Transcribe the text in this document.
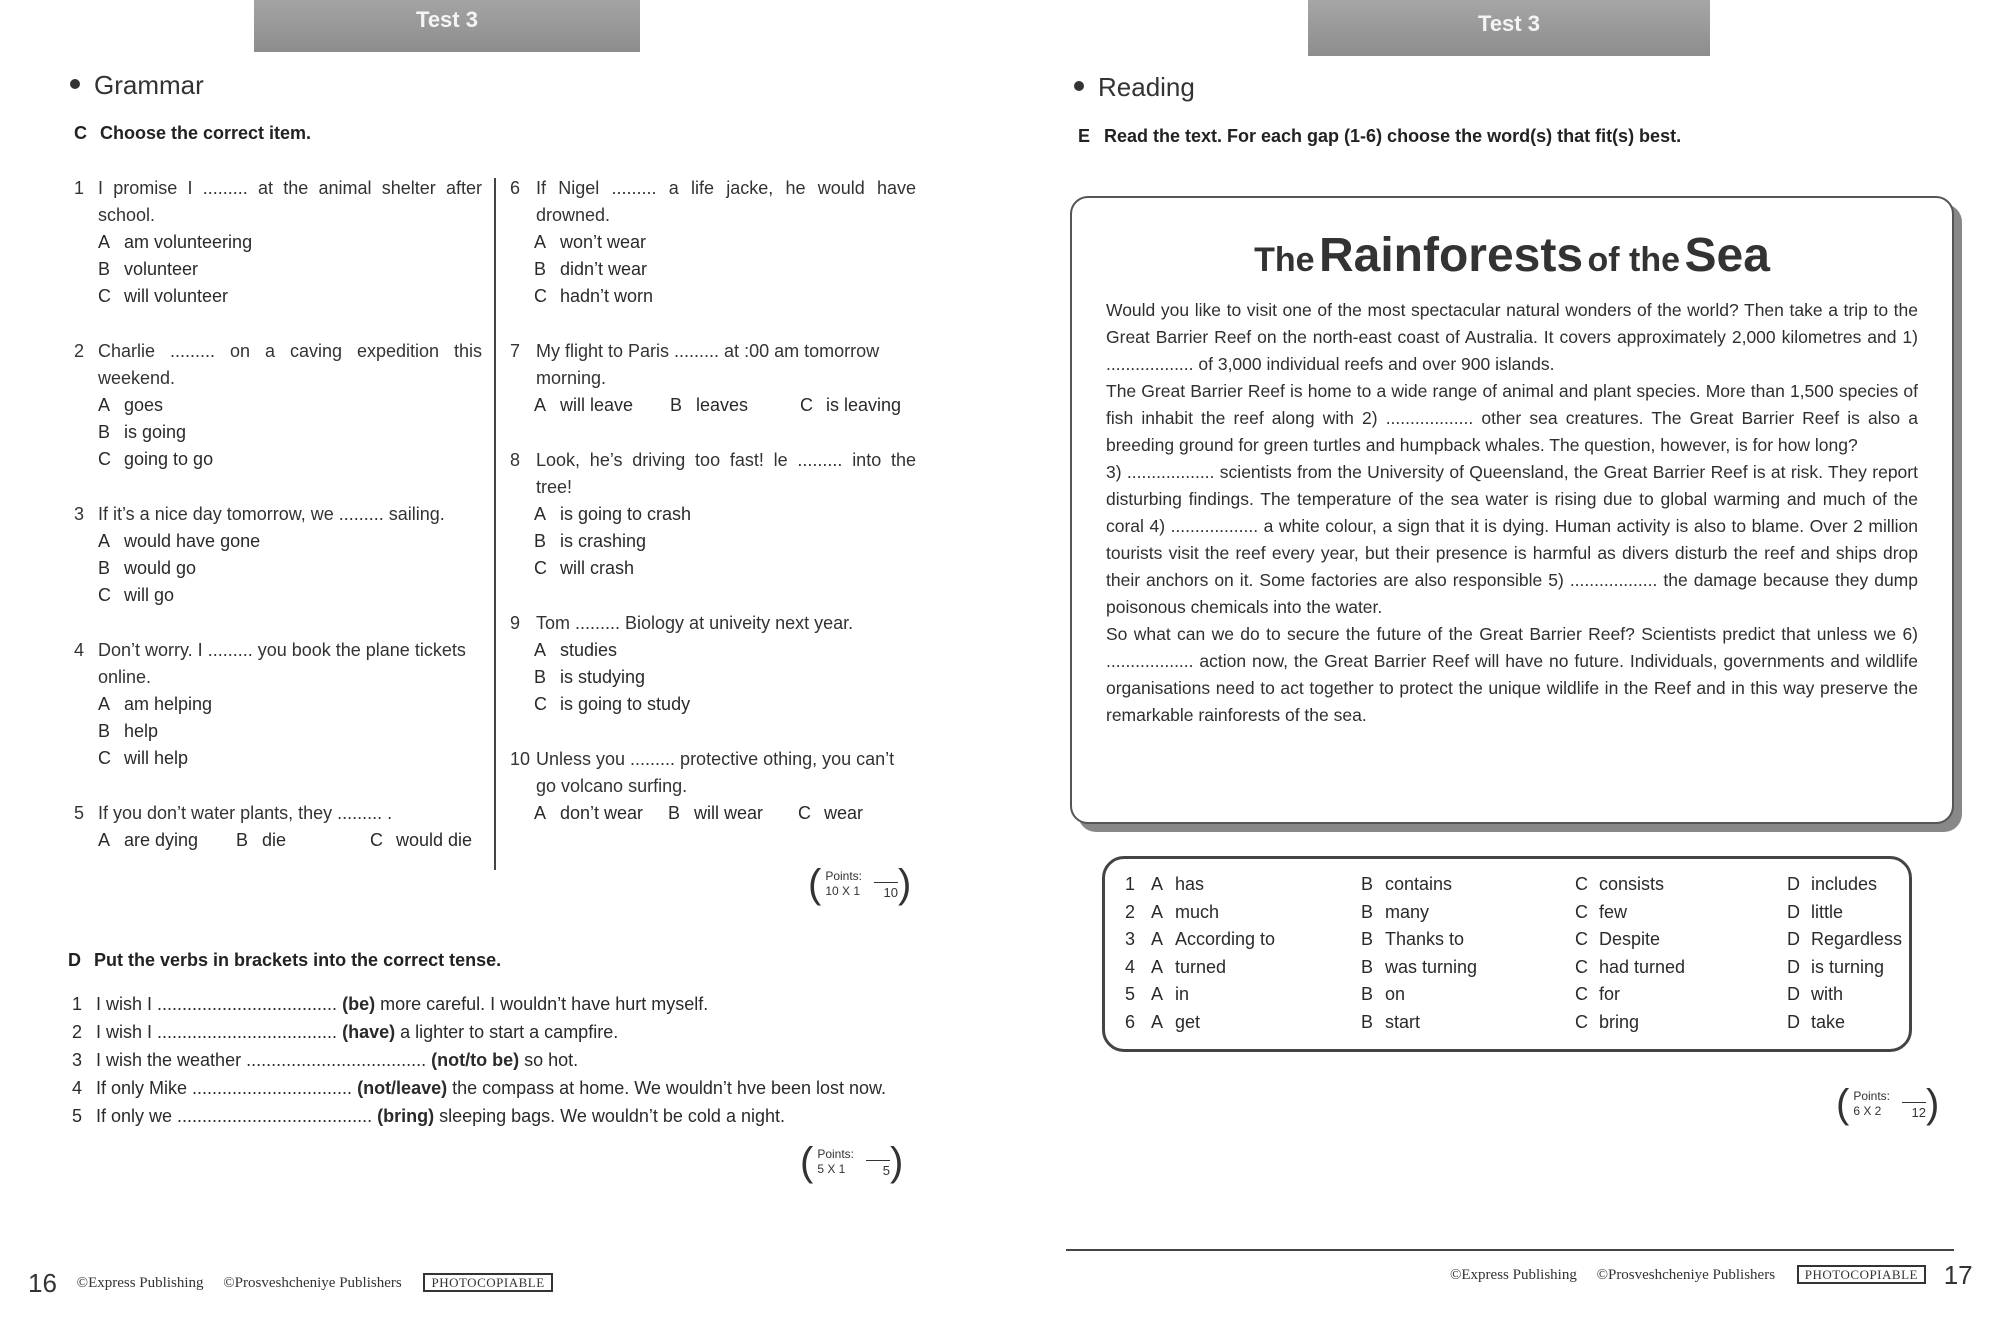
Test 3
Grammar
C Choose the correct item.
1 I promise I ......... at the animal shelter after school.
A am volunteering
B volunteer
C will volunteer
2 Charlie ......... on a caving expedition this weekend.
A goes
B is going
C going to go
3 If it’s a nice day tomorrow, we ......... sailing.
A would have gone
B would go
C will go
4 Don’t worry. I ......... you book the plane tickets online.
A am helping
B help
C will help
5 If you don’t water plants, they ......... .
A are dying B die	C would die
6 If Nigel ......... a life jacke, he would have drowned.
A won’t wear
B didn’t wear
C hadn’t worn
7 My flight to Paris ......... at :00 am tomorrow morning.
A will leave B leaves	C is leaving
8 Look, he’s driving too fast! le ......... into the tree!
A is going to crash
B is crashing
C will crash
9 Tom ......... Biology at univeity next year.
A studies
B is studying
C is going to study
10 Unless you ......... protective othing, you can’t go volcano surfing.
A don’t wear B will wear C wear
( Points:
10 X 1	10 )
D Put the verbs in brackets into the correct tense.
1 I wish I .................................... (be) more careful. I wouldn’t have hurt myself.
2 I wish I .................................... (have) a lighter to start a campfire.
3 I wish the weather .................................... (not/to be) so hot.
4 If only Mike ................................ (not/leave) the compass at home. We wouldn’t hve been lost now.
5 If only we ....................................... (bring) sleeping bags. We wouldn’t be cold a night.
( Points:
5 X 1	5 )
16 ©Express Publishing ©Prosveshcheniye Publishers PHOTOCOPIABLE
Test 3
Reading
E Read the text. For each gap (1-6) choose the word(s) that fit(s) best.
The Rainforests of the Sea
Would you like to visit one of the most spectacular natural wonders of the world? Then take a trip to the Great Barrier Reef on the north-east coast of Australia. It covers approximately 2,000 kilometres and 1) .................. of 3,000 individual reefs and over 900 islands.
The Great Barrier Reef is home to a wide range of animal and plant species. More than 1,500 species of fish inhabit the reef along with 2) .................. other sea creatures. The Great Barrier Reef is also a breeding ground for green turtles and humpback whales. The question, however, is for how long?
3) .................. scientists from the University of Queensland, the Great Barrier Reef is at risk. They report disturbing findings. The temperature of the sea water is rising due to global warming and much of the coral 4) .................. a white colour, a sign that it is dying. Human activity is also to blame. Over 2 million tourists visit the reef every year, but their presence is harmful as divers disturb the reef and ships drop their anchors on it. Some factories are also responsible 5) .................. the damage because they dump poisonous chemicals into the water.
So what can we do to secure the future of the Great Barrier Reef? Scientists predict that unless we 6) .................. action now, the Great Barrier Reef will have no future. Individuals, governments and wildlife organisations need to act together to protect the unique wildlife in the Reef and in this way preserve the remarkable rainforests of the sea.
1	A	has	B	contains	C	consists	D	includes
2	A	much	B	many	C	few	D	little
3	A	According to	B	Thanks to	C	Despite	D	Regardless
4	A	turned	B	was turning	C	had turned	D	is turning
5	A	in	B	on	C	for	D	with
6	A	get	B	start	C	bring	D	take
( Points:
6 X 2	12 )
©Express Publishing ©Prosveshcheniye Publishers PHOTOCOPIABLE 17
